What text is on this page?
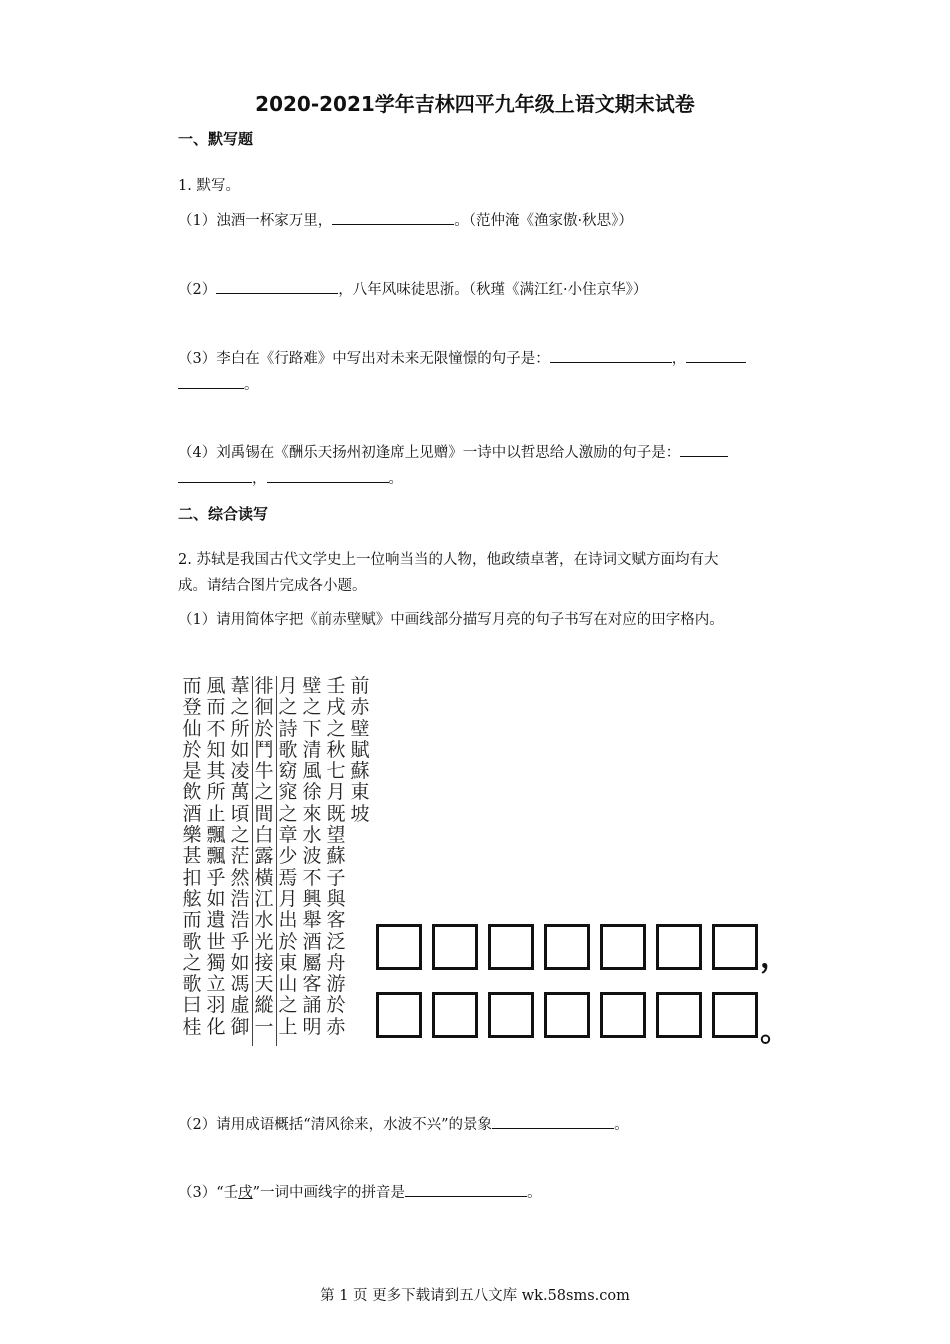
2020-2021学年吉林四平九年级上语文期末试卷
一、默写题
1. 默写。
（1）浊酒一杯家万里，	。（范仲淹《渔家傲·秋思》）
（2）	，八年风味徒思浙。（秋瑾《满江红·小住京华》）
（3）李白在《行路难》中写出对未来无限憧憬的句子是：	，
。
（4）刘禹锡在《酬乐天扬州初逢席上见赠》一诗中以哲思给人激励的句子是：
，	。
二、综合读写
2. 苏轼是我国古代文学史上一位响当当的人物，他政绩卓著，在诗词文赋方面均有大
成。请结合图片完成各小题。
（1）请用简体字把《前赤壁赋》中画线部分描写月亮的句子书写在对应的田字格内。
前赤壁賦蘇東坡
壬戌之秋七月既望蘇子與客泛舟游於赤
壁之下清風徐來水波不興舉酒屬客誦明
月之詩歌窈窕之章少焉月出於東山之上
徘徊於鬥牛之間白露橫江水光接天縱一
葦之所如凌萬頃之茫然浩浩乎如馮虛御
風而不知其所止飄飄乎如遺世獨立羽化
而登仙於是飲酒樂甚扣舷而歌之歌曰桂
，
。
（2）请用成语概括“清风徐来，水波不兴”的景象	。
（3）“壬戌”一词中画线字的拼音是	。
第 1 页 更多下载请到五八文库 wk.58sms.com
